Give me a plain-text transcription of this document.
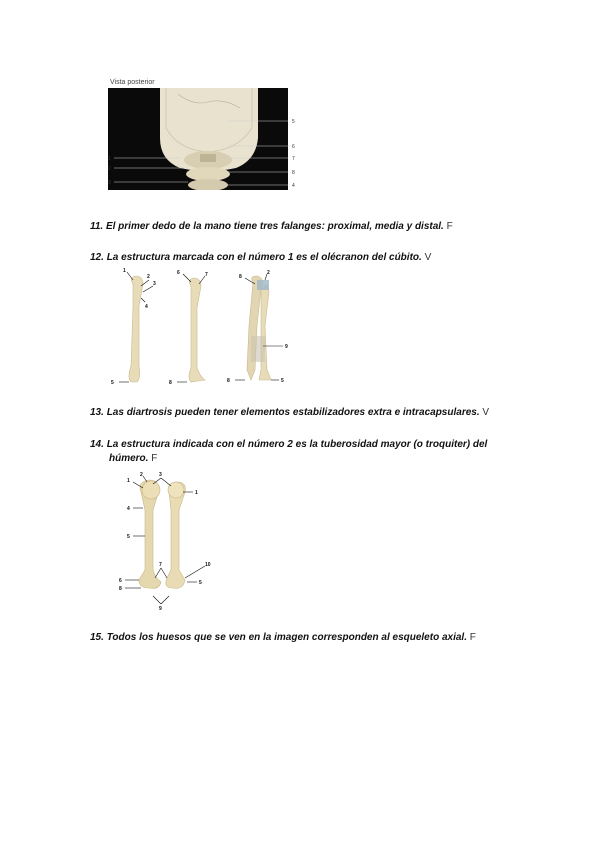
Vista posterior
1
2
3
5
6
7
8
4
11. El primer dedo de la mano tiene tres falanges: proximal, media y distal. F
12. La estructura marcada con el número 1 es el olécranon del cúbito. V
1
2
3
4
5
6	7
8
8
2
9
8	5
13. Las diartrosis pueden tener elementos estabilizadores extra e intracapsulares. V
14. La estructura indicada con el número 2 es la tuberosidad mayor (o troquiter) del
húmero. F
1
2	3
1
4
5
6
8
7
9
10
5
15. Todos los huesos que se ven en la imagen corresponden al esqueleto axial. F
